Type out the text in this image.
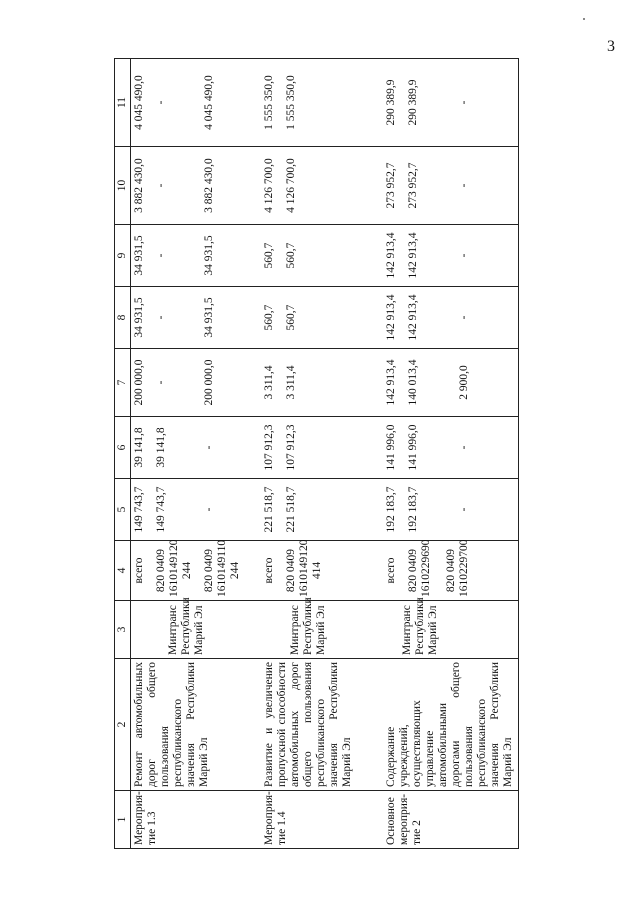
3
1	2	3	4	5	6	7	8	9	10	11
Мероприя-
тие 1.3	Ремонт автомобильных дорог общего пользования республиканского значения Республики Марий Эл	Минтранс Республики Марий Эл	всего 820 0409 1610149120 244 820 0409 1610149110 244	149 743,7 149 743,7 -	39 141,8 39 141,8 -	200 000,0 - 200 000,0	34 931,5 - 34 931,5	34 931,5 - 34 931,5	3 882 430,0 - 3 882 430,0	4 045 490,0 - 4 045 490,0

Мероприя-
тие 1.4	Развитие и увеличение пропускной способности автомобильных дорог общего пользования республиканского значения Республики Марий Эл	Минтранс Республики Марий Эл	всего 820 0409 1610149120 414	221 518,7 221 518,7	107 912,3 107 912,3	3 311,4 3 311,4	560,7 560,7	560,7 560,7	4 126 700,0 4 126 700,0	1 555 350,0 1 555 350,0

Основное мероприя-
тие 2	Содержание учреждений, осуществляющих управление автомобильными дорогами общего пользования республиканского значения Республики Марий Эл	Минтранс Республики Марий Эл	всего 820 0409 1610229690 820 0409 1610229700	192 183,7 192 183,7 -	141 996,0 141 996,0 -	142 913,4 140 013,4 2 900,0	142 913,4 142 913,4 -	142 913,4 142 913,4 -	273 952,7 273 952,7 -	290 389,9 290 389,9 -
